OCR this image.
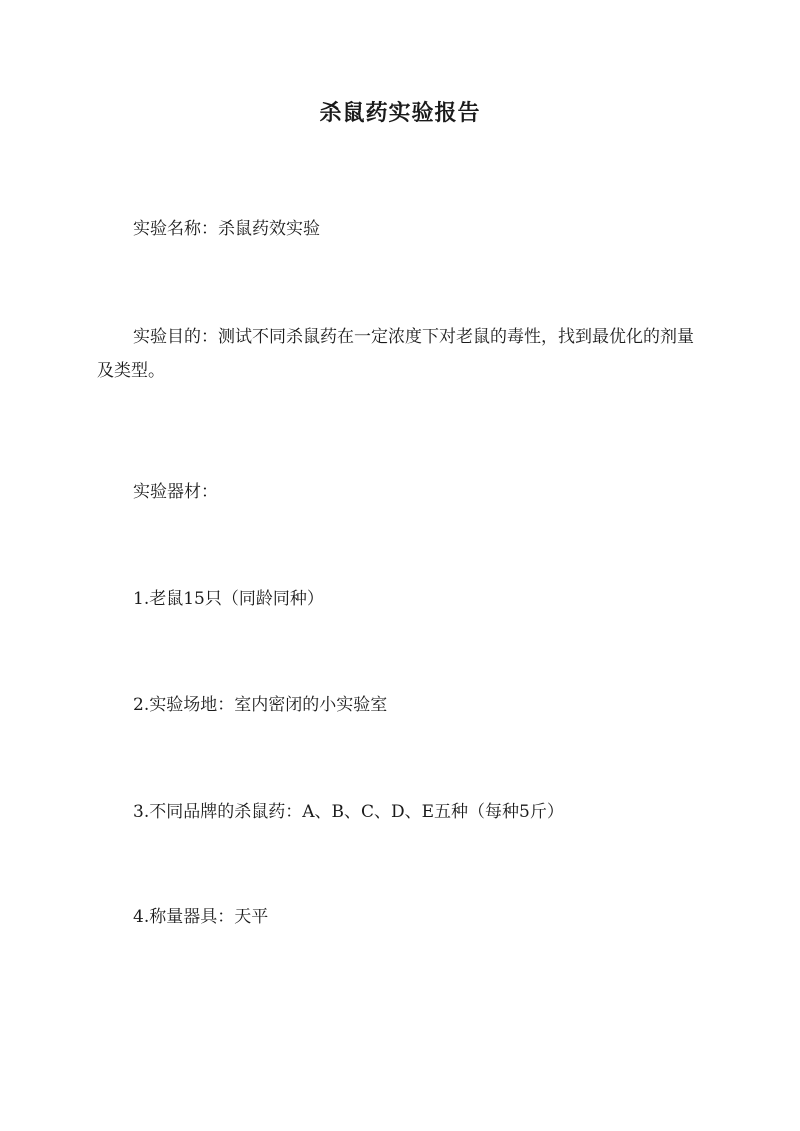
杀鼠药实验报告

实验名称：杀鼠药效实验

实验目的：测试不同杀鼠药在一定浓度下对老鼠的毒性，找到最优化的剂量及类型。

实验器材：

1.老鼠15只（同龄同种）

2.实验场地：室内密闭的小实验室

3.不同品牌的杀鼠药：A、B、C、D、E五种（每种5斤）

4.称量器具：天平
